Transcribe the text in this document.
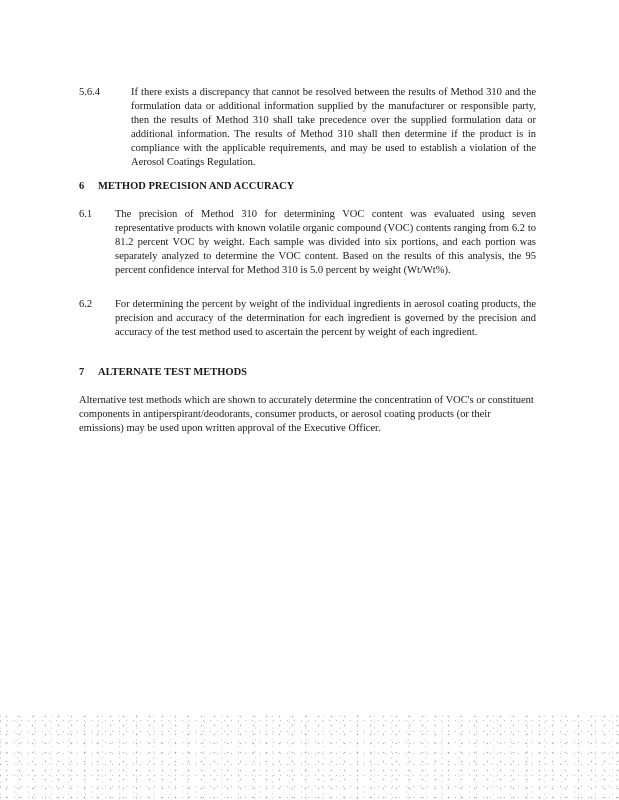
5.6.4	If there exists a discrepancy that cannot be resolved between the results of Method 310 and the formulation data or additional information supplied by the manufacturer or responsible party, then the results of Method 310 shall take precedence over the supplied formulation data or additional information. The results of Method 310 shall then determine if the product is in compliance with the applicable requirements, and may be used to establish a violation of the Aerosol Coatings Regulation.

6 METHOD PRECISION AND ACCURACY
6.1 The precision of Method 310 for determining VOC content was evaluated using seven representative products with known volatile organic compound (VOC) contents ranging from 6.2 to 81.2 percent VOC by weight. Each sample was divided into six portions, and each portion was separately analyzed to determine the VOC content. Based on the results of this analysis, the 95 percent confidence interval for Method 310 is 5.0 percent by weight (Wt/Wt%).

6.2 For determining the percent by weight of the individual ingredients in aerosol coating products, the precision and accuracy of the determination for each ingredient is governed by the precision and accuracy of the test method used to ascertain the percent by weight of each ingredient.

7 ALTERNATE TEST METHODS

Alternative test methods which are shown to accurately determine the concentration of VOC's or constituent components in antiperspirant/deodorants, consumer products, or aerosol coating products (or their emissions) may be used upon written approval of the Executive Officer.
